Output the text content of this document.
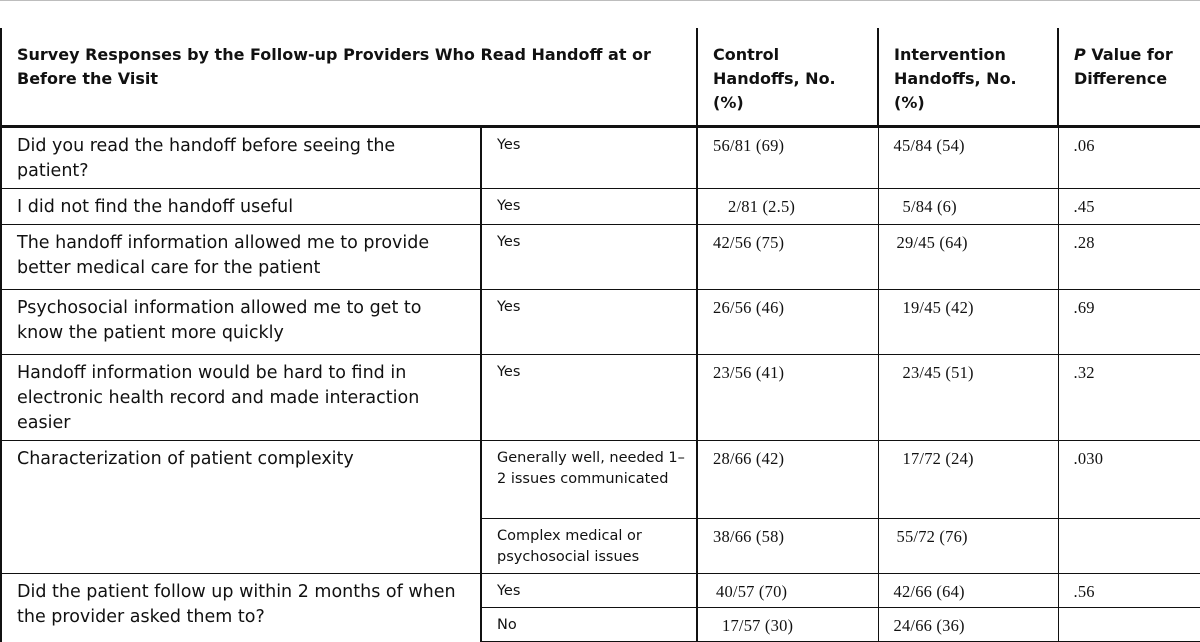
Survey Responses by the Follow-up Providers Who Read Handoff at or Before the Visit		Control Handoffs, No. (%)	Intervention Handoffs, No. (%)	P Value for Difference
Did you read the handoff before seeing the patient?	Yes	56/81 (69)	45/84 (54)	.06
I did not find the handoff useful	Yes	2/81 (2.5)	5/84 (6)	.45
The handoff information allowed me to provide better medical care for the patient	Yes	42/56 (75)	29/45 (64)	.28
Psychosocial information allowed me to get to know the patient more quickly	Yes	26/56 (46)	19/45 (42)	.69
Handoff information would be hard to find in electronic health record and made interaction easier	Yes	23/56 (41)	23/45 (51)	.32
Characterization of patient complexity	Generally well, needed 1–2 issues communicated	28/66 (42)	17/72 (24)	.030
	Complex medical or psychosocial issues	38/66 (58)	55/72 (76)	
Did the patient follow up within 2 months of when the provider asked them to?	Yes	40/57 (70)	42/66 (64)	.56
	No	17/57 (30)	24/66 (36)	
